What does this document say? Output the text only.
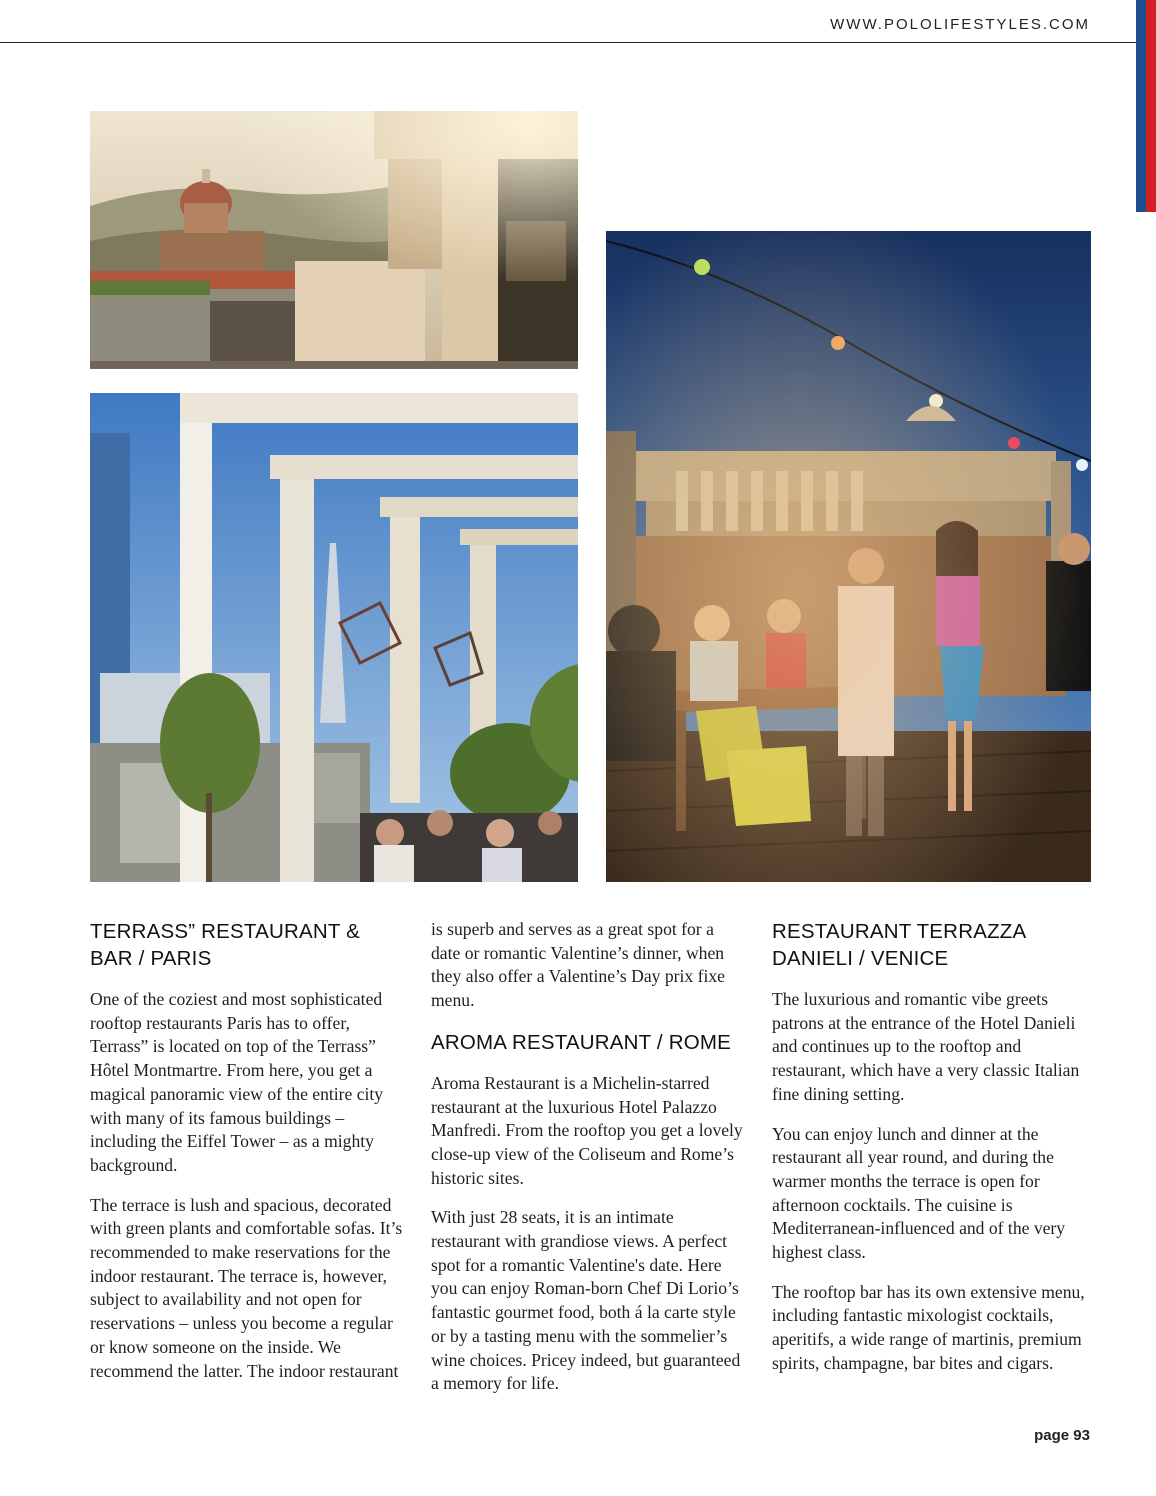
WWW.POLOLIFESTYLES.COM
TERRASS” RESTAURANT & BAR / PARIS

One of the coziest and most sophisticated rooftop restaurants Paris has to offer, Terrass” is located on top of the Terrass” Hôtel Montmartre. From here, you get a magical panoramic view of the entire city with many of its famous buildings – including the Eiffel Tower – as a mighty background.

The terrace is lush and spacious, decorated with green plants and comfortable sofas. It’s recommended to make reservations for the indoor restaurant. The terrace is, however, subject to availability and not open for reservations – unless you become a regular or know someone on the inside. We recommend the latter. The indoor restaurant

is superb and serves as a great spot for a date or romantic Valentine’s dinner, when they also offer a Valentine’s Day prix fixe menu.

AROMA RESTAURANT / ROME

Aroma Restaurant is a Michelin-starred restaurant at the luxurious Hotel Palazzo Manfredi. From the rooftop you get a lovely close-up view of the Coliseum and Rome’s historic sites.

With just 28 seats, it is an intimate restaurant with grandiose views. A perfect spot for a romantic Valentine's date. Here you can enjoy Roman-born Chef Di Lorio’s fantastic gourmet food, both á la carte style or by a tasting menu with the sommelier’s wine choices. Pricey indeed, but guaranteed a memory for life.

RESTAURANT TERRAZZA DANIELI / VENICE

The luxurious and romantic vibe greets patrons at the entrance of the Hotel Danieli and continues up to the rooftop and restaurant, which have a very classic Italian fine dining setting.

You can enjoy lunch and dinner at the restaurant all year round, and during the warmer months the terrace is open for afternoon cocktails. The cuisine is Mediterranean-influenced and of the very highest class.

The rooftop bar has its own extensive menu, including fantastic mixologist cocktails, aperitifs, a wide range of martinis, premium spirits, champagne, bar bites and cigars.

page 93
